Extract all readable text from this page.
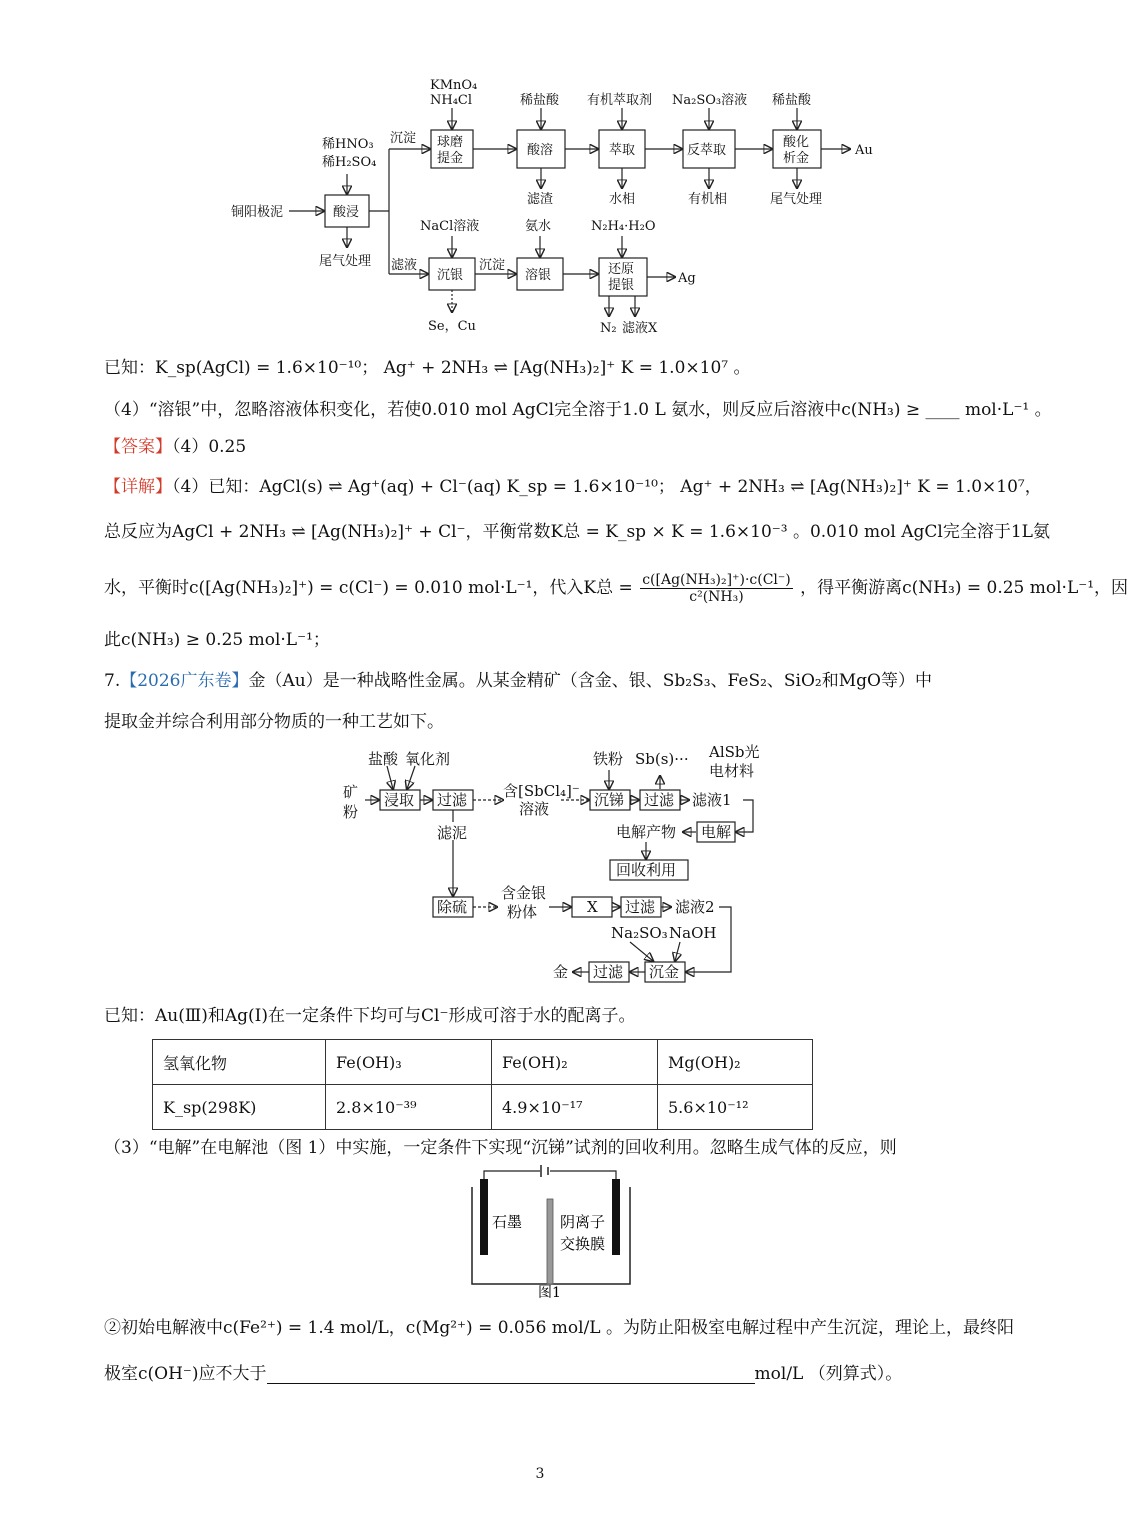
KMnO₄
NH₄Cl
稀HNO₃
稀H₂SO₄
沉淀 球磨
提金
稀盐酸
酸溶
滤渣
有机萃取剂
萃取
水相
Na₂SO₃溶液
反萃取
有机相
稀盐酸
酸化
析金
Au
尾气处理
铜阳极泥	酸浸
尾气处理 滤液
NaCl溶液
沉银
Se，Cu
沉淀
氨水
溶银
N₂H₄·H₂O
还原
提银	Ag
N₂ 滤液X
已知：K_sp(AgCl) = 1.6×10⁻¹⁰； Ag⁺ + 2NH₃ ⇌ [Ag(NH₃)₂]⁺ K = 1.0×10⁷ 。
（4）“溶银”中，忽略溶液体积变化，若使0.010 mol AgCl完全溶于1.0 L 氨水，则反应后溶液中c(NH₃) ≥ ____ mol·L⁻¹ 。
【答案】（4）0.25
【详解】（4）已知：AgCl(s) ⇌ Ag⁺(aq) + Cl⁻(aq) K_sp = 1.6×10⁻¹⁰； Ag⁺ + 2NH₃ ⇌ [Ag(NH₃)₂]⁺ K = 1.0×10⁷，
总反应为AgCl + 2NH₃ ⇌ [Ag(NH₃)₂]⁺ + Cl⁻，平衡常数K总 = K_sp × K = 1.6×10⁻³ 。0.010 mol AgCl完全溶于1L氨
水，平衡时c([Ag(NH₃)₂]⁺) = c(Cl⁻) = 0.010 mol·L⁻¹，代入K总 = $\frac{\text{c([Ag(NH₃)₂]⁺)·c(Cl⁻)}}{\text{c²(NH₃)}}$ ，得平衡游离c(NH₃) = 0.25 mol·L⁻¹，因
此c(NH₃) ≥ 0.25 mol·L⁻¹；
7.【2026广东卷】金（Au）是一种战略性金属。从某金精矿（含金、银、Sb₂S₃、FeS₂、SiO₂和MgO等）中
提取金并综合利用部分物质的一种工艺如下。
盐酸 氧化剂
矿
粉
浸取 过滤
滤泥
含[SbCl₄]⁻
溶液
铁粉 Sb(s)··· AlSb光
电材料
沉锑 过滤 滤液1
电解产物 电解
回收利用
除硫
含金银
粉体	X 过滤 滤液2
Na₂SO₃ NaOH
金 过滤 沉金
已知：Au(Ⅲ)和Ag(Ⅰ)在一定条件下均可与Cl⁻形成可溶于水的配离子。
氢氧化物	Fe(OH)₃	Fe(OH)₂	Mg(OH)₂
K_sp(298K)	2.8×10⁻³⁹	4.9×10⁻¹⁷	5.6×10⁻¹²
（3）“电解”在电解池（图 1）中实施，一定条件下实现“沉锑”试剂的回收利用。忽略生成气体的反应，则
石墨	阴离子
交换膜
图1
②初始电解液中c(Fe²⁺) = 1.4 mol/L，c(Mg²⁺) = 0.056 mol/L 。为防止阳极室电解过程中产生沉淀，理论上，最终阳
极室c(OH⁻)应不大于	mol/L （列算式）。
3
